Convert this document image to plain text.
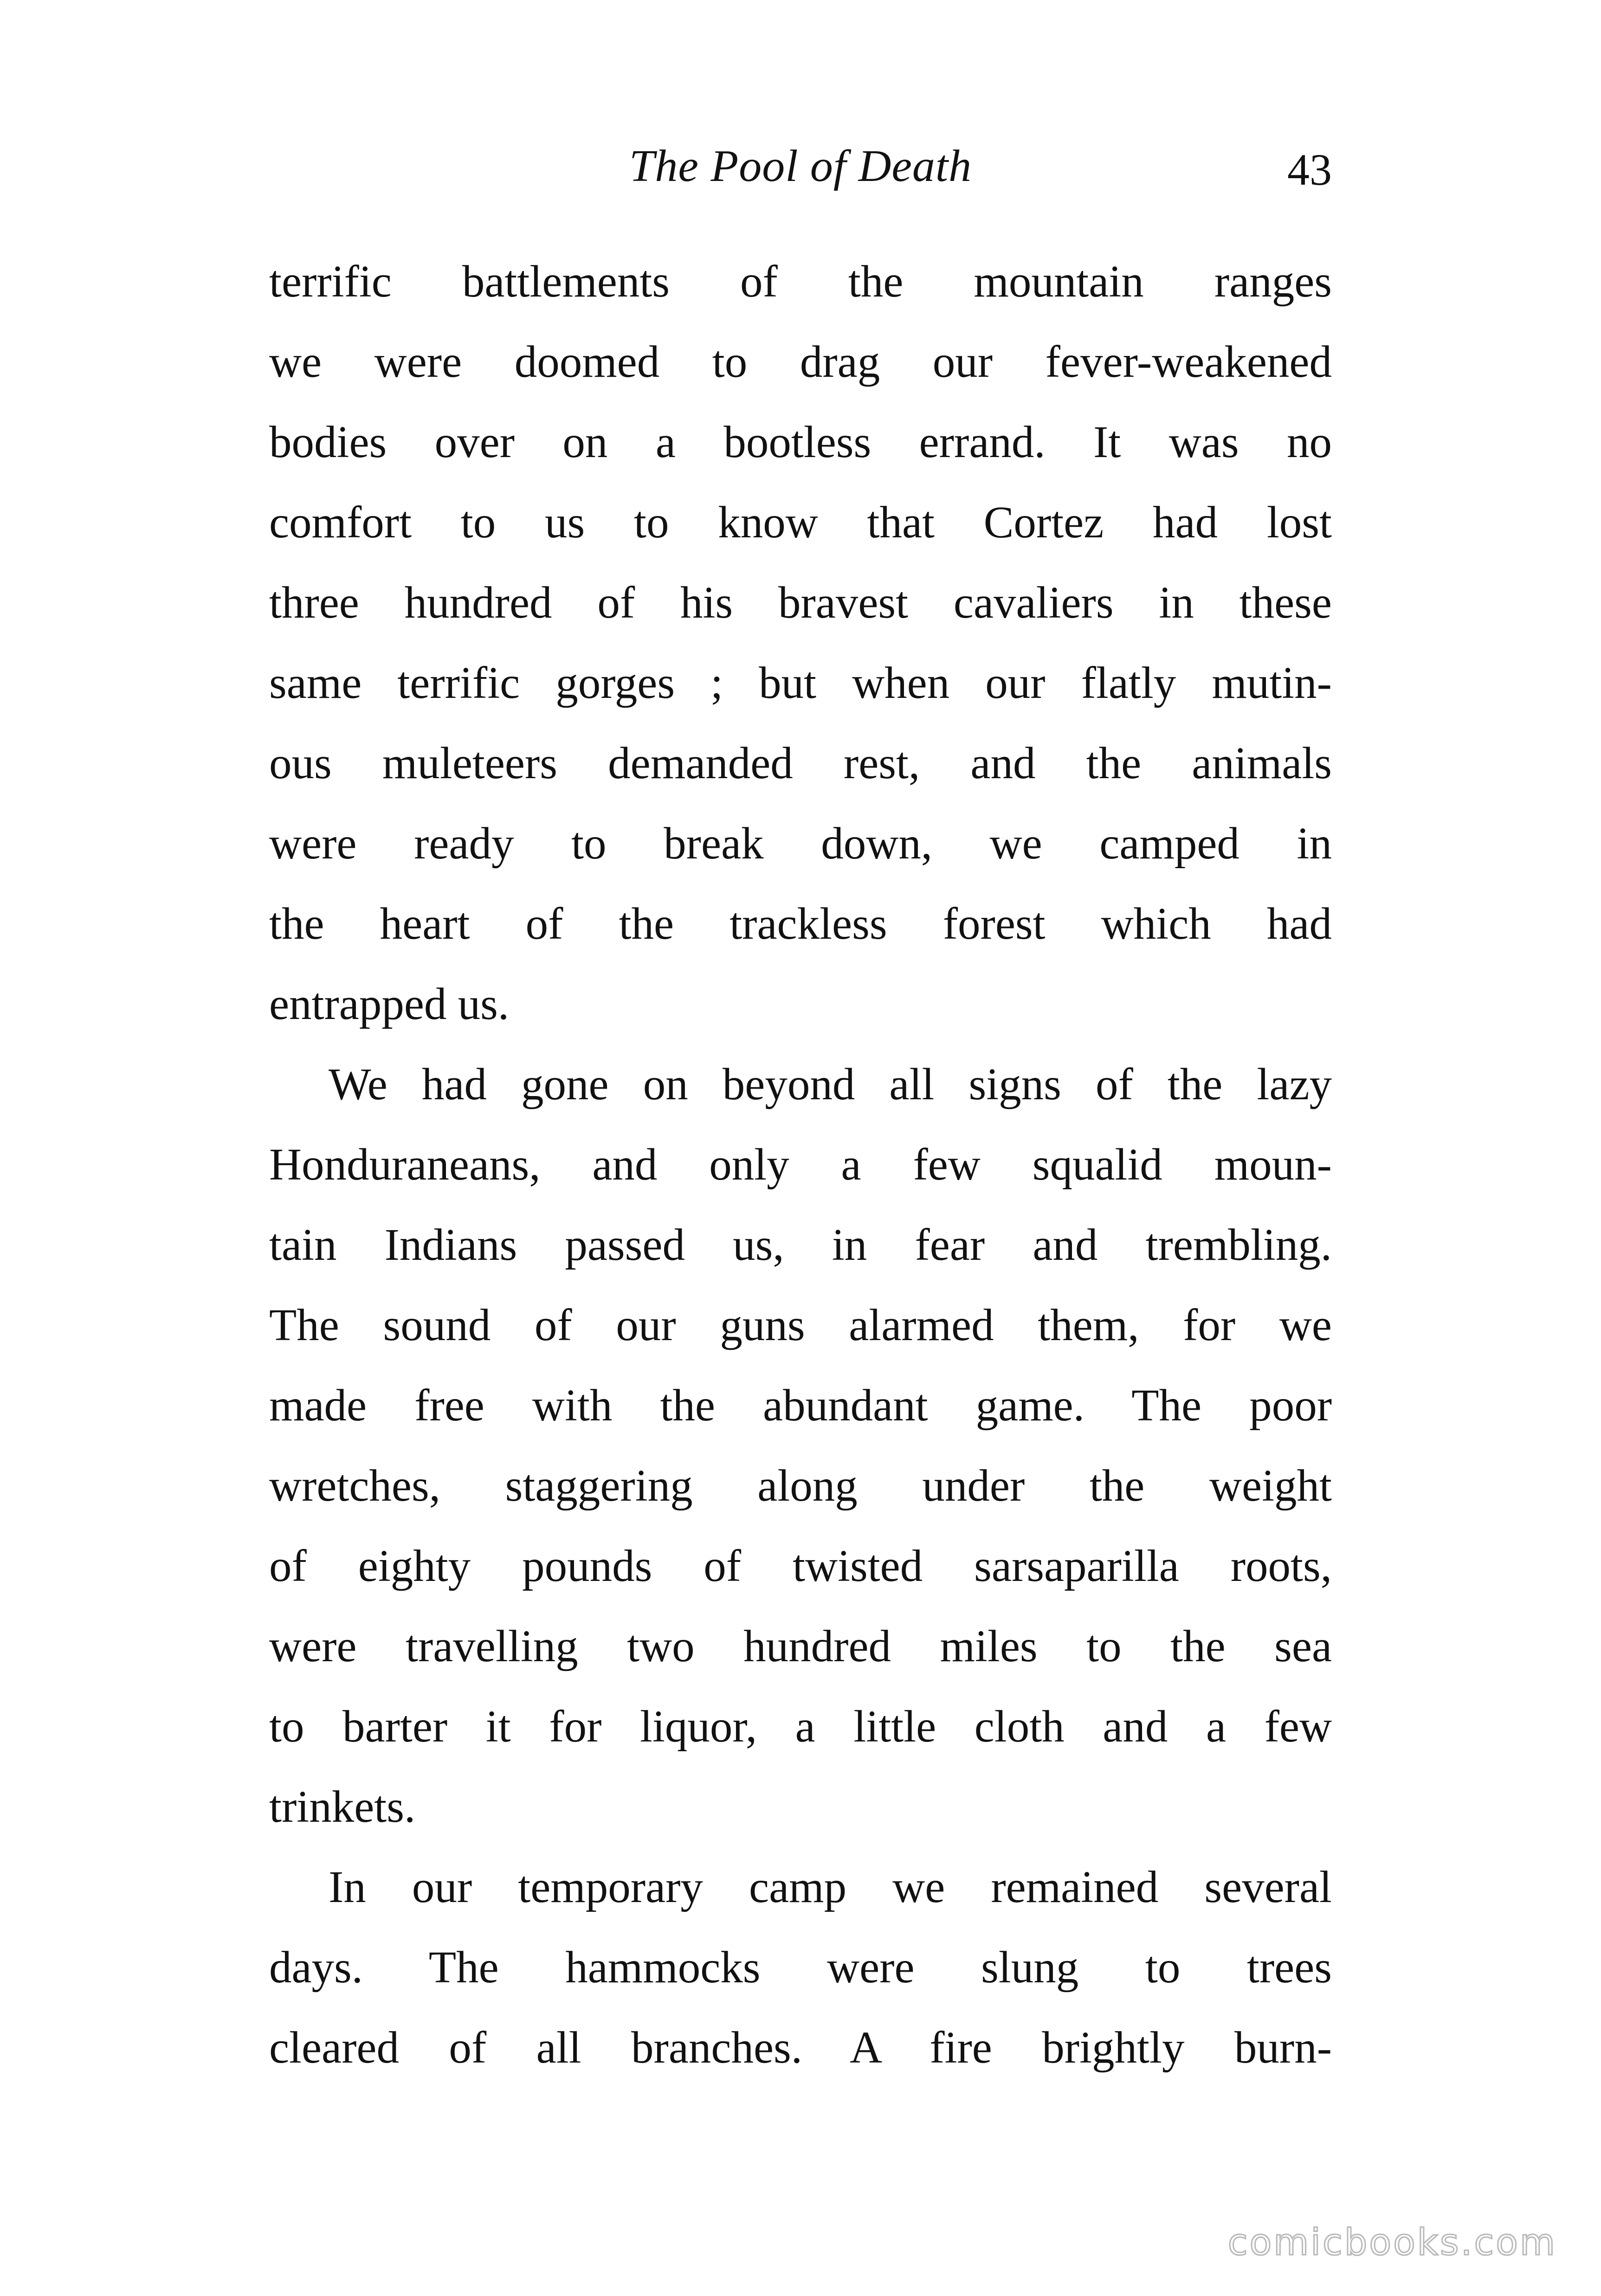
The Pool of Death	43
terrific battlements of the mountain ranges
we were doomed to drag our fever-weakened
bodies over on a bootless errand. It was no
comfort to us to know that Cortez had lost
three hundred of his bravest cavaliers in these
same terrific gorges ; but when our flatly mutin-
ous muleteers demanded rest, and the animals
were ready to break down, we camped in
the heart of the trackless forest which had
entrapped us.
We had gone on beyond all signs of the lazy
Honduraneans, and only a few squalid moun-
tain Indians passed us, in fear and trembling.
The sound of our guns alarmed them, for we
made free with the abundant game. The poor
wretches, staggering along under the weight
of eighty pounds of twisted sarsaparilla roots,
were travelling two hundred miles to the sea
to barter it for liquor, a little cloth and a few
trinkets.
In our temporary camp we remained several
days. The hammocks were slung to trees
cleared of all branches. A fire brightly burn-
comicbooks.com
